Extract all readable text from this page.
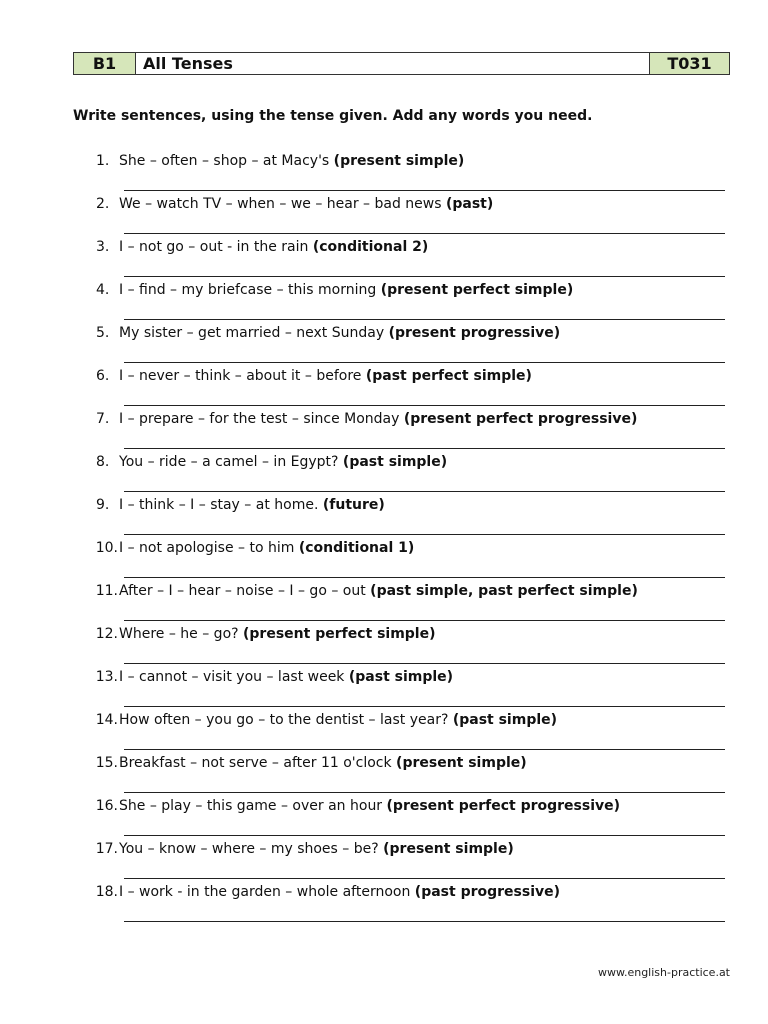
B1	All Tenses	T031
Write sentences, using the tense given. Add any words you need.
1. She – often – shop – at Macy's (present simple)
2. We – watch TV – when – we – hear – bad news (past)
3. I – not go – out - in the rain (conditional 2)
4. I – find – my briefcase – this morning (present perfect simple)
5. My sister – get married – next Sunday (present progressive)
6. I – never – think – about it – before (past perfect simple)
7. I – prepare – for the test – since Monday (present perfect progressive)
8. You – ride – a camel – in Egypt? (past simple)
9. I – think – I – stay – at home. (future)
10. I – not apologise – to him (conditional 1)
11. After – I – hear – noise – I – go – out (past simple, past perfect simple)
12. Where – he – go? (present perfect simple)
13. I – cannot – visit you – last week (past simple)
14. How often – you go – to the dentist – last year? (past simple)
15. Breakfast – not serve – after 11 o'clock (present simple)
16. She – play – this game – over an hour (present perfect progressive)
17. You – know – where – my shoes – be? (present simple)
18. I – work - in the garden – whole afternoon (past progressive)
www.english-practice.at
